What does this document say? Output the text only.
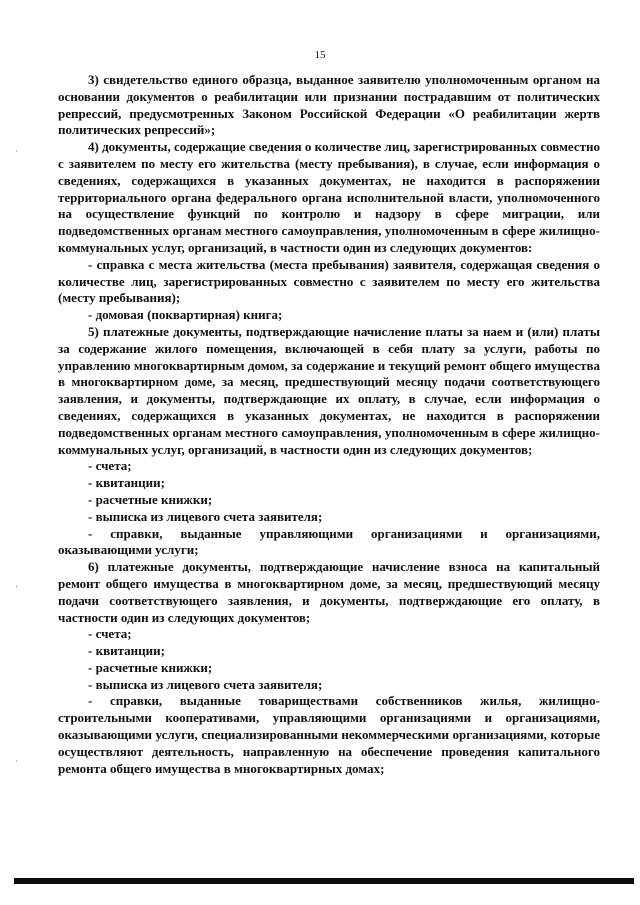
15

3) свидетельство единого образца, выданное заявителю уполномоченным органом на основании документов о реабилитации или признании пострадавшим от политических репрессий, предусмотренных Законом Российской Федерации «О реабилитации жертв политических репрессий»;

4) документы, содержащие сведения о количестве лиц, зарегистрированных совместно с заявителем по месту его жительства (месту пребывания), в случае, если информация о сведениях, содержащихся в указанных документах, не находится в распоряжении территориального органа федерального органа исполнительной власти, уполномоченного на осуществление функций по контролю и надзору в сфере миграции, или подведомственных органам местного самоуправления, уполномоченным в сфере жилищно-коммунальных услуг, организаций, в частности один из следующих документов:

- справка с места жительства (места пребывания) заявителя, содержащая сведения о количестве лиц, зарегистрированных совместно с заявителем по месту его жительства (месту пребывания);

- домовая (поквартирная) книга;

5) платежные документы, подтверждающие начисление платы за наем и (или) платы за содержание жилого помещения, включающей в себя плату за услуги, работы по управлению многоквартирным домом, за содержание и текущий ремонт общего имущества в многоквартирном доме, за месяц, предшествующий месяцу подачи соответствующего заявления, и документы, подтверждающие их оплату, в случае, если информация о сведениях, содержащихся в указанных документах, не находится в распоряжении подведомственных органам местного самоуправления, уполномоченным в сфере жилищно-коммунальных услуг, организаций, в частности один из следующих документов;

- счета;

- квитанции;

- расчетные книжки;

- выписка из лицевого счета заявителя;

- справки, выданные управляющими организациями и организациями, оказывающими услуги;

6) платежные документы, подтверждающие начисление взноса на капитальный ремонт общего имущества в многоквартирном доме, за месяц, предшествующий месяцу подачи соответствующего заявления, и документы, подтверждающие его оплату, в частности один из следующих документов;

- счета;

- квитанции;

- расчетные книжки;

- выписка из лицевого счета заявителя;

- справки, выданные товариществами собственников жилья, жилищно-строительными кооперативами, управляющими организациями и организациями, оказывающими услуги, специализированными некоммерческими организациями, которые осуществляют деятельность, направленную на обеспечение проведения капитального ремонта общего имущества в многоквартирных домах;
